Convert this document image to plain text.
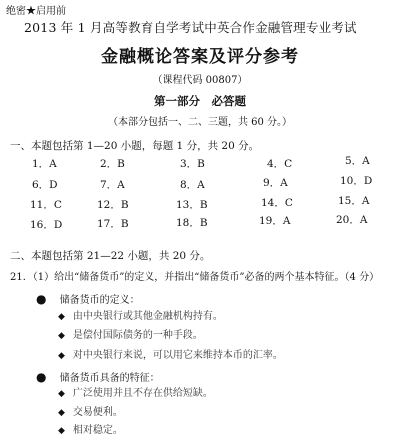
绝密★启用前
2013 年 1 月高等教育自学考试中英合作金融管理专业考试
金融概论答案及评分参考
（课程代码 00807）
第一部分　必答题
（本部分包括一、二、三题，共 60 分。）
一、本题包括第 1—20 小题，每题 1 分，共 20 分。
1．A	2．B	3．B	4．C	5．A
6．D	7．A	8．A	9．A	10．D
11．C	12．B	13．B	14．C	15．A
16．D	17．B	18．B	19．A	20．A
二、本题包括第 21—22 小题，共 20 分。
21．（1）给出“储备货币”的定义，并指出“储备货币”必备的两个基本特征。（4 分）
● 储备货币的定义：
◆ 由中央银行或其他金融机构持有。
◆ 是偿付国际债务的一种手段。
◆ 对中央银行来说，可以用它来维持本币的汇率。
● 储备货币具备的特征：
◆ 广泛使用并且不存在供给短缺。
◆ 交易便利。
◆ 相对稳定。
